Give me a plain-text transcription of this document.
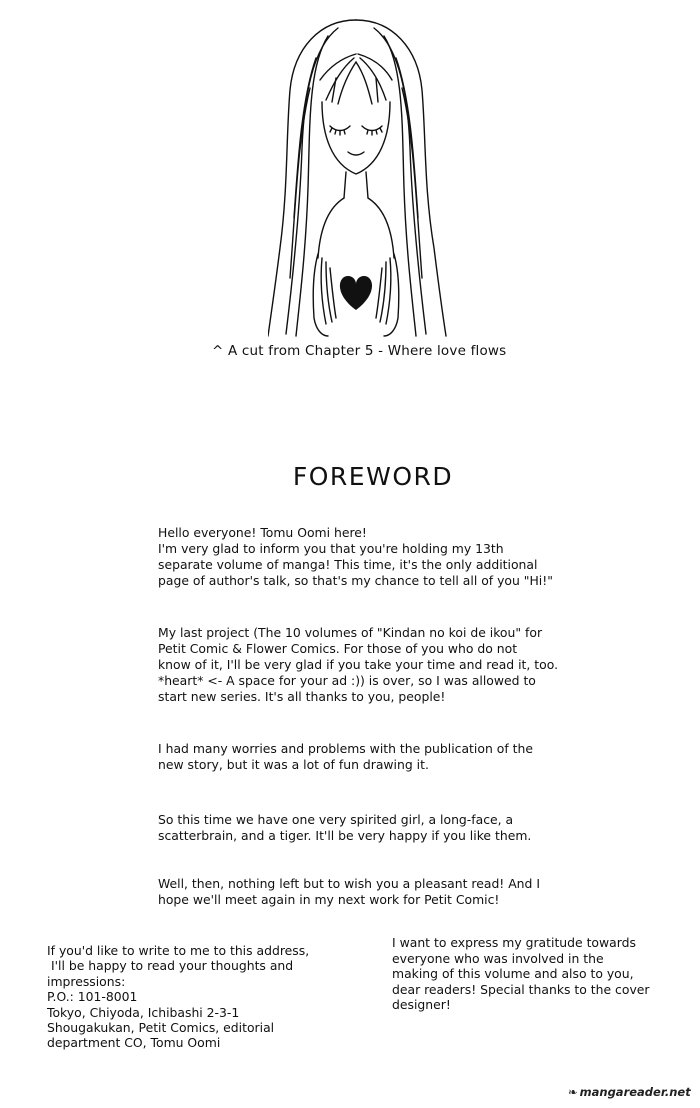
^ A cut from Chapter 5 - Where love flows
FOREWORD
Hello everyone! Tomu Oomi here!
I'm very glad to inform you that you're holding my 13th
separate volume of manga! This time, it's the only additional
page of author's talk, so that's my chance to tell all of you "Hi!"
My last project (The 10 volumes of "Kindan no koi de ikou" for
Petit Comic & Flower Comics. For those of you who do not
know of it, I'll be very glad if you take your time and read it, too.
*heart* <- A space for your ad :)) is over, so I was allowed to
start new series. It's all thanks to you, people!
I had many worries and problems with the publication of the
new story, but it was a lot of fun drawing it.
So this time we have one very spirited girl, a long-face, a
scatterbrain, and a tiger. It'll be very happy if you like them.
Well, then, nothing left but to wish you a pleasant read! And I
hope we'll meet again in my next work for Petit Comic!
If you'd like to write to me to this address,
I'll be happy to read your thoughts and
impressions:
P.O.: 101-8001
Tokyo, Chiyoda, Ichibashi 2-3-1
Shougakukan, Petit Comics, editorial
department CO, Tomu Oomi
I want to express my gratitude towards
everyone who was involved in the
making of this volume and also to you,
dear readers! Special thanks to the cover
designer!
❧ mangareader.net
